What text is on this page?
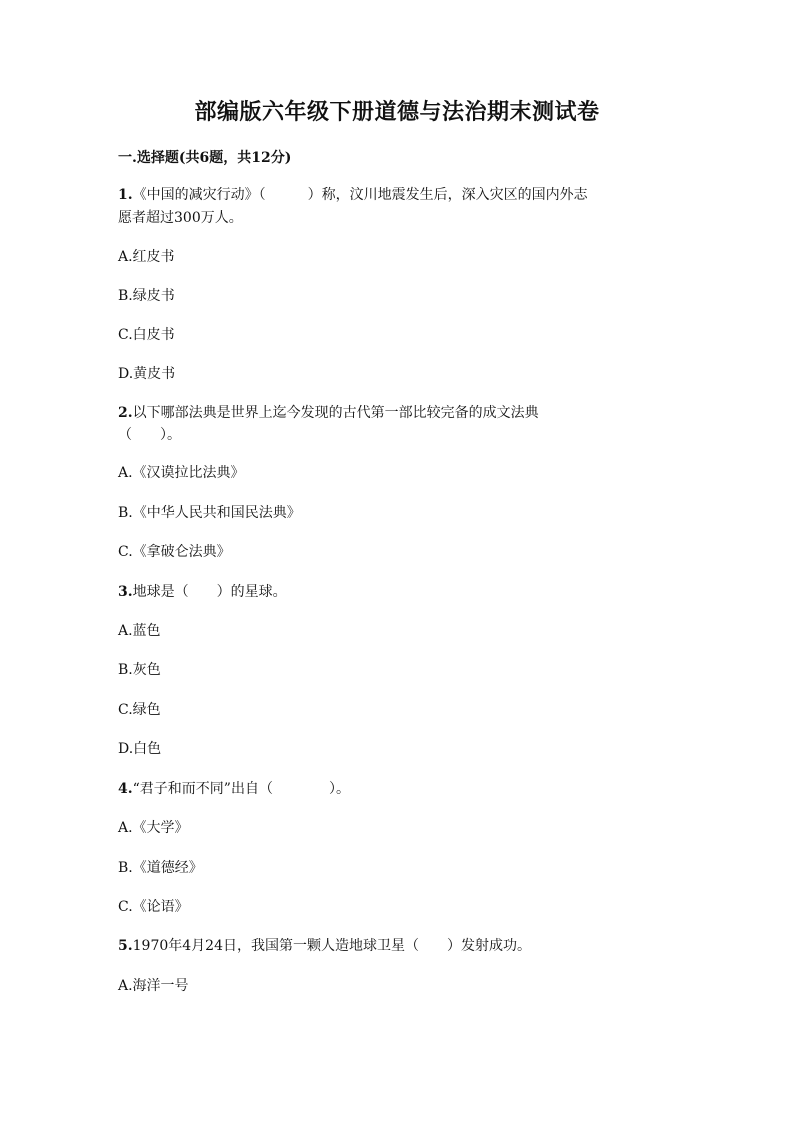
部编版六年级下册道德与法治期末测试卷
一.选择题(共6题，共12分)
1.《中国的减灾行动》（　　　）称，汶川地震发生后，深入灾区的国内外志
愿者超过300万人。
A.红皮书
B.绿皮书
C.白皮书
D.黄皮书
2.以下哪部法典是世界上迄今发现的古代第一部比较完备的成文法典
（　　）。
A.《汉谟拉比法典》
B.《中华人民共和国民法典》
C.《拿破仑法典》
3.地球是（　　）的星球。
A.蓝色
B.灰色
C.绿色
D.白色
4.“君子和而不同”出自（　　　　）。
A.《大学》
B.《道德经》
C.《论语》
5.1970年4月24日，我国第一颗人造地球卫星（　　）发射成功。
A.海洋一号
